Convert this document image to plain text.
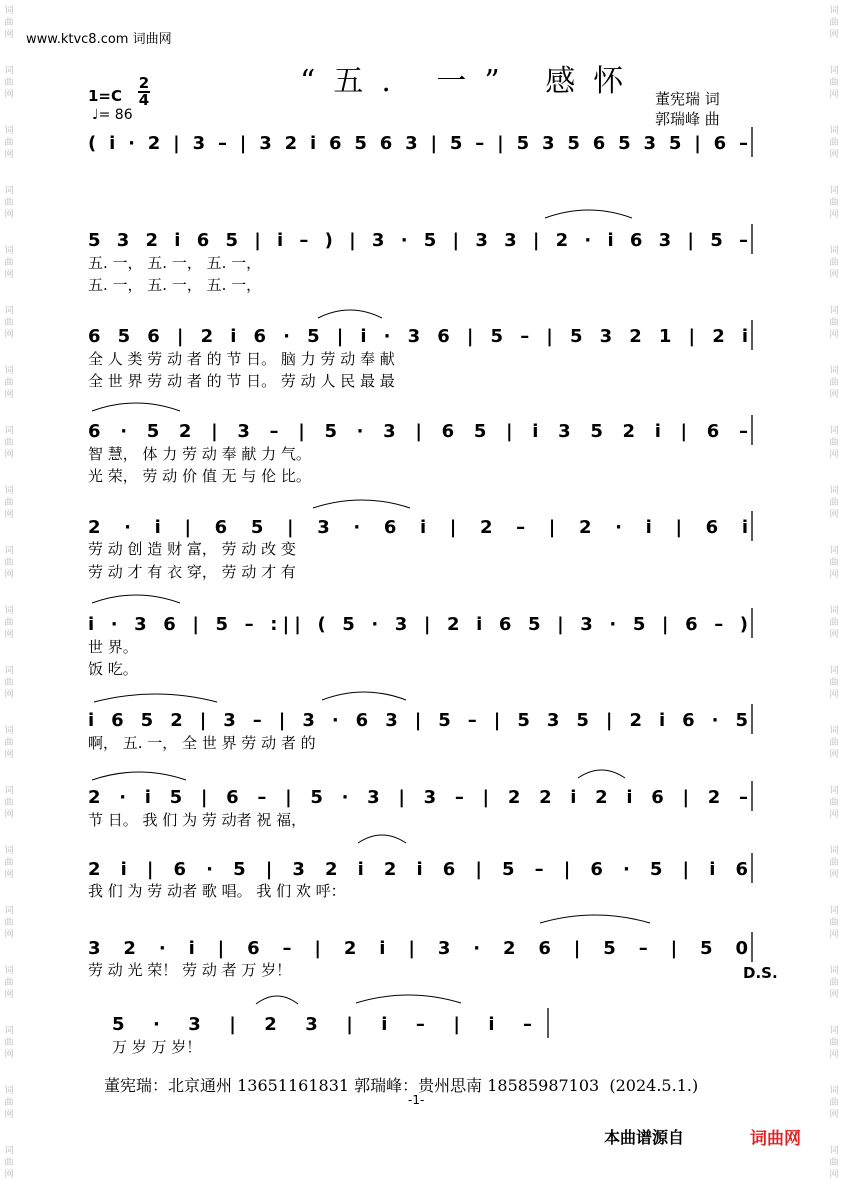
词
曲
网
词
曲
网
词
曲
网
词
曲
网
词
曲
网
词
曲
网
词
曲
网
词
曲
网
词
曲
网
词
曲
网
词
曲
网
词
曲
网
词
曲
网
词
曲
网
词
曲
网
词
曲
网
词
曲
网
词
曲
网
词
曲
网
词
曲
网
词
曲
网
词
曲
网
词
曲
网
词
曲
网
词
曲
网
词
曲
网
词
曲
网
词
曲
网
词
曲
网
词
曲
网
词
曲
网
词
曲
网
词
曲
网
词
曲
网
词
曲
网
词
曲
网
词
曲
网
词
曲
网
词
曲
网
词
曲
网
www.ktvc8.com 词曲网
“五. 一” 感怀 董宪瑞 词
郭瑞峰 曲
1=C
2
4
♩= 86
( i · 2 | 3 – | 3 2 i 6 5 6 3 | 5 – | 5 3 5 6 5 3 5 | 6 –
5 3 2 i 6 5 | i – ) | 3 · 5 | 3 3 | 2 · i 6 3 | 5 –
6 5 6 | 2 i 6 · 5 | i · 3 6 | 5 – | 5 3 2 1 | 2 i
6 · 5 2 | 3 – | 5 · 3 | 6 5 | i 3 5 2 i | 6 –
2 · i | 6 5 | 3 · 6 i | 2 – | 2 · i | 6 i
i · 3 6 | 5 – :|| ( 5 · 3 | 2 i 6 5 | 3 · 5 | 6 – )
i 6 5 2 | 3 – | 3 · 6 3 | 5 – | 5 3 5 | 2 i 6 · 5
2 · i 5 | 6 – | 5 · 3 | 3 – | 2 2 i 2 i 6 | 2 –
2 i | 6 · 5 | 3 2 i 2 i 6 | 5 – | 6 · 5 | i 6
3 2 · i | 6 – | 2 i | 3 · 2 6 | 5 – | 5 0
5 · 3 | 2 3 | i – | i –
五. 一， 五. 一， 五. 一，
五. 一， 五. 一， 五. 一，
全 人 类 劳 动 者 的 节 日。 脑 力 劳 动 奉 献
全 世 界 劳 动 者 的 节 日。 劳 动 人 民 最 最
智 慧， 体 力 劳 动 奉 献 力 气。
光 荣， 劳 动 价 值 无 与 伦 比。
劳 动 创 造 财 富， 劳 动 改 变
劳 动 才 有 衣 穿， 劳 动 才 有
世 界。
饭 吃。
啊， 五. 一， 全 世 界 劳 动 者 的
节 日。 我 们 为 劳 动者 祝 福，
我 们 为 劳 动者 歌 唱。 我 们 欢 呼：
劳 动 光 荣！ 劳 动 者 万 岁！
万 岁 万 岁！
D.S.
董宪瑞：北京通州 13651161831 郭瑞峰：贵州思南 18585987103  (2024.5.1.)
-1-
本曲谱源自	词曲网
